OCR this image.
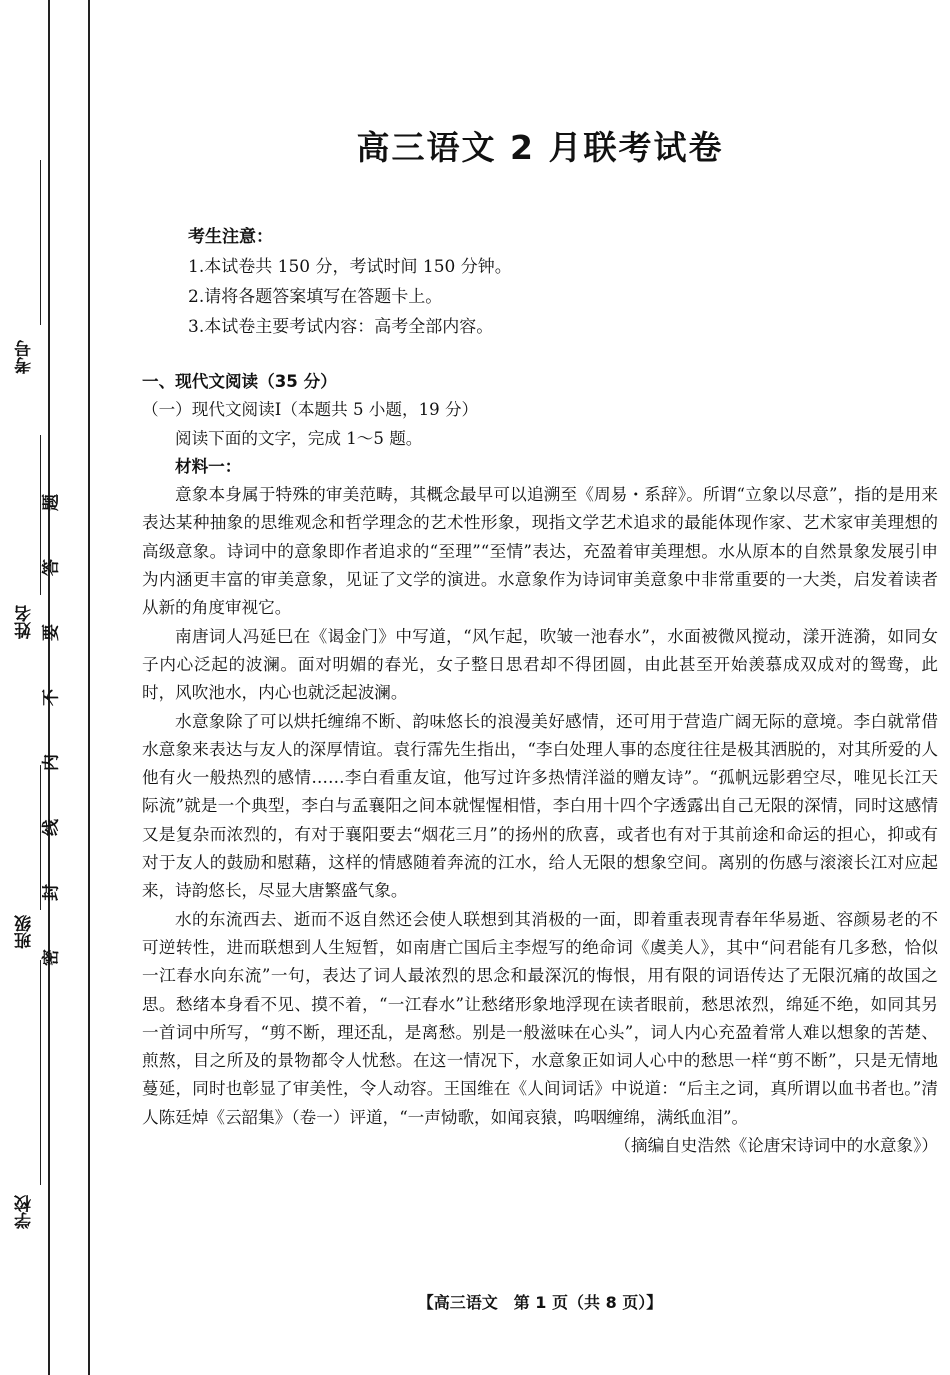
考号
姓名
班级
学校
题
答
要
不
内
线
封
密
高三语文 2 月联考试卷
考生注意：
1.本试卷共 150 分，考试时间 150 分钟。
2.请将各题答案填写在答题卡上。
3.本试卷主要考试内容：高考全部内容。
一、现代文阅读（35 分）
（一）现代文阅读Ⅰ（本题共 5 小题，19 分）
阅读下面的文字，完成 1～5 题。
材料一：

意象本身属于特殊的审美范畴，其概念最早可以追溯至《周易・系辞》。所谓“立象以尽意”，指的是用来表达某种抽象的思维观念和哲学理念的艺术性形象，现指文学艺术追求的最能体现作家、艺术家审美理想的高级意象。诗词中的意象即作者追求的“至理”“至情”表达，充盈着审美理想。水从原本的自然景象发展引申为内涵更丰富的审美意象，见证了文学的演进。水意象作为诗词审美意象中非常重要的一大类，启发着读者从新的角度审视它。

南唐词人冯延巳在《谒金门》中写道，“风乍起，吹皱一池春水”，水面被微风搅动，漾开涟漪，如同女子内心泛起的波澜。面对明媚的春光，女子整日思君却不得团圆，由此甚至开始羡慕成双成对的鸳鸯，此时，风吹池水，内心也就泛起波澜。

水意象除了可以烘托缠绵不断、韵味悠长的浪漫美好感情，还可用于营造广阔无际的意境。李白就常借水意象来表达与友人的深厚情谊。袁行霈先生指出，“李白处理人事的态度往往是极其洒脱的，对其所爱的人他有火一般热烈的感情……李白看重友谊，他写过许多热情洋溢的赠友诗”。“孤帆远影碧空尽，唯见长江天际流”就是一个典型，李白与孟襄阳之间本就惺惺相惜，李白用十四个字透露出自己无限的深情，同时这感情又是复杂而浓烈的，有对于襄阳要去“烟花三月”的扬州的欣喜，或者也有对于其前途和命运的担心，抑或有对于友人的鼓励和慰藉，这样的情感随着奔流的江水，给人无限的想象空间。离别的伤感与滚滚长江对应起来，诗韵悠长，尽显大唐繁盛气象。

水的东流西去、逝而不返自然还会使人联想到其消极的一面，即着重表现青春年华易逝、容颜易老的不可逆转性，进而联想到人生短暂，如南唐亡国后主李煜写的绝命词《虞美人》，其中“问君能有几多愁，恰似一江春水向东流”一句，表达了词人最浓烈的思念和最深沉的悔恨，用有限的词语传达了无限沉痛的故国之思。愁绪本身看不见、摸不着，“一江春水”让愁绪形象地浮现在读者眼前，愁思浓烈，绵延不绝，如同其另一首词中所写，“剪不断，理还乱，是离愁。别是一般滋味在心头”，词人内心充盈着常人难以想象的苦楚、煎熬，目之所及的景物都令人忧愁。在这一情况下，水意象正如词人心中的愁思一样“剪不断”，只是无情地蔓延，同时也彰显了审美性，令人动容。王国维在《人间词话》中说道：“后主之词，真所谓以血书者也。”清人陈廷焯《云韶集》（卷一）评道，“一声恸歌，如闻哀猿，呜咽缠绵，满纸血泪”。

（摘编自史浩然《论唐宋诗词中的水意象》）
【高三语文　第 1 页（共 8 页）】
